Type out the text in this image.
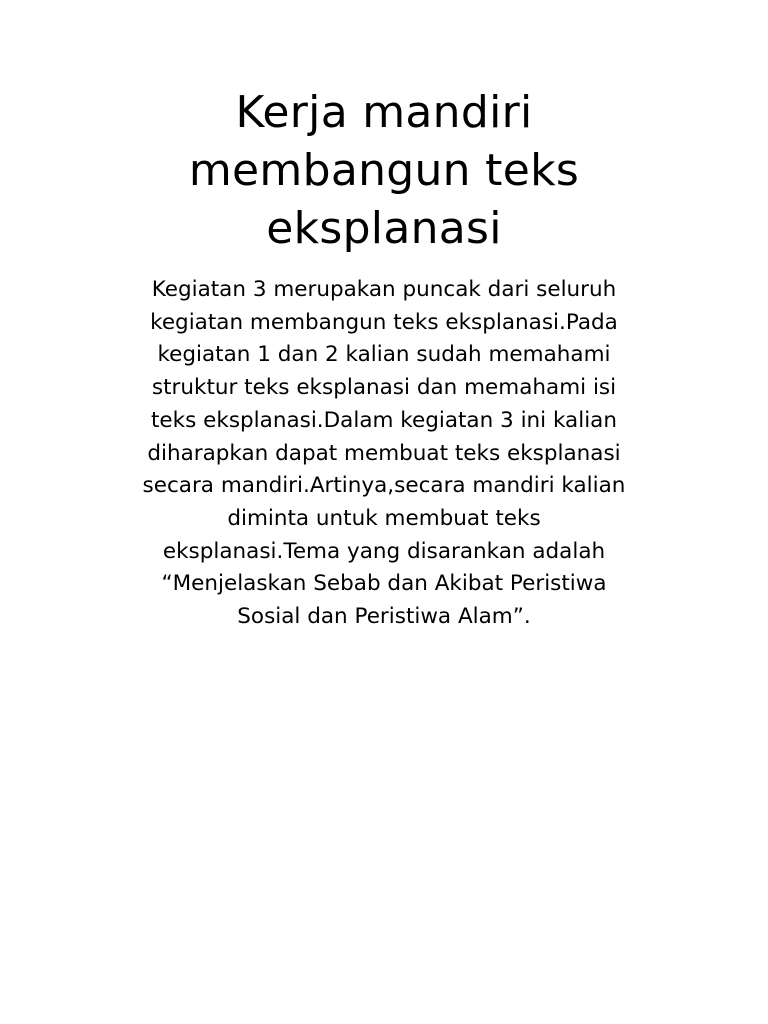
Kerja mandiri
membangun teks
eksplanasi

Kegiatan 3 merupakan puncak dari seluruh
kegiatan membangun teks eksplanasi.Pada
kegiatan 1 dan 2 kalian sudah memahami
struktur teks eksplanasi dan memahami isi
teks eksplanasi.Dalam kegiatan 3 ini kalian
diharapkan dapat membuat teks eksplanasi
secara mandiri.Artinya,secara mandiri kalian
diminta untuk membuat teks
eksplanasi.Tema yang disarankan adalah
“Menjelaskan Sebab dan Akibat Peristiwa
Sosial dan Peristiwa Alam”.
